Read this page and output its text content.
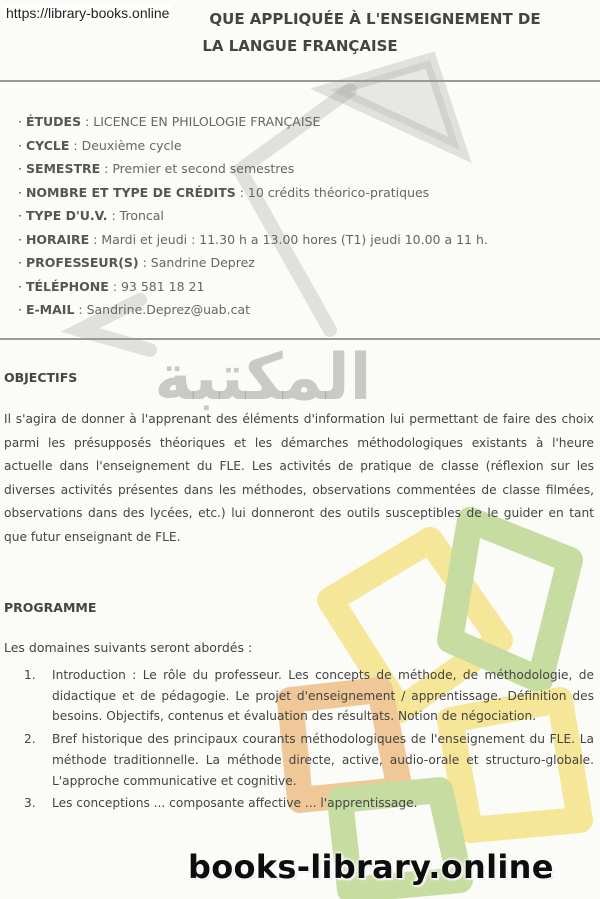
https://library-books.online	QUE APPLIQUÉE À L'ENSEIGNEMENT DE
LA LANGUE FRANÇAISE
· ÉTUDES : LICENCE EN PHILOLOGIE FRANÇAISE
· CYCLE : Deuxième cycle
· SEMESTRE : Premier et second semestres
· NOMBRE ET TYPE DE CRÉDITS : 10 crédits théorico-pratiques
· TYPE D'U.V. : Troncal
· HORAIRE : Mardi et jeudi : 11.30 h a 13.00 hores (T1) jeudi 10.00 a 11 h.
· PROFESSEUR(S) : Sandrine Deprez
· TÉLÉPHONE : 93 581 18 21
· E-MAIL : Sandrine.Deprez@uab.cat
المكتبة
OBJECTIFS
Il s'agira de donner à l'apprenant des éléments d'information lui permettant de faire des choix parmi les présupposés théoriques et les démarches méthodologiques existants à l'heure actuelle dans l'enseignement du FLE. Les activités de pratique de classe (réflexion sur les diverses activités présentes dans les méthodes, observations commentées de classe filmées, observations dans des lycées, etc.) lui donneront des outils susceptibles de le guider en tant que futur enseignant de FLE.
PROGRAMME
Les domaines suivants seront abordés :
1.	Introduction : Le rôle du professeur. Les concepts de méthode, de méthodologie, de didactique et de pédagogie. Le projet d'enseignement / apprentissage. Définition des besoins. Objectifs, contenus et évaluation des résultats. Notion de négociation.
2.	Bref historique des principaux courants méthodologiques de l'enseignement du FLE. La méthode traditionnelle. La méthode directe, active, audio-orale et structuro-globale. L'approche communicative et cognitive.
3.	Les conceptions ... composante affective ... l'apprentissage.
books-library.online
